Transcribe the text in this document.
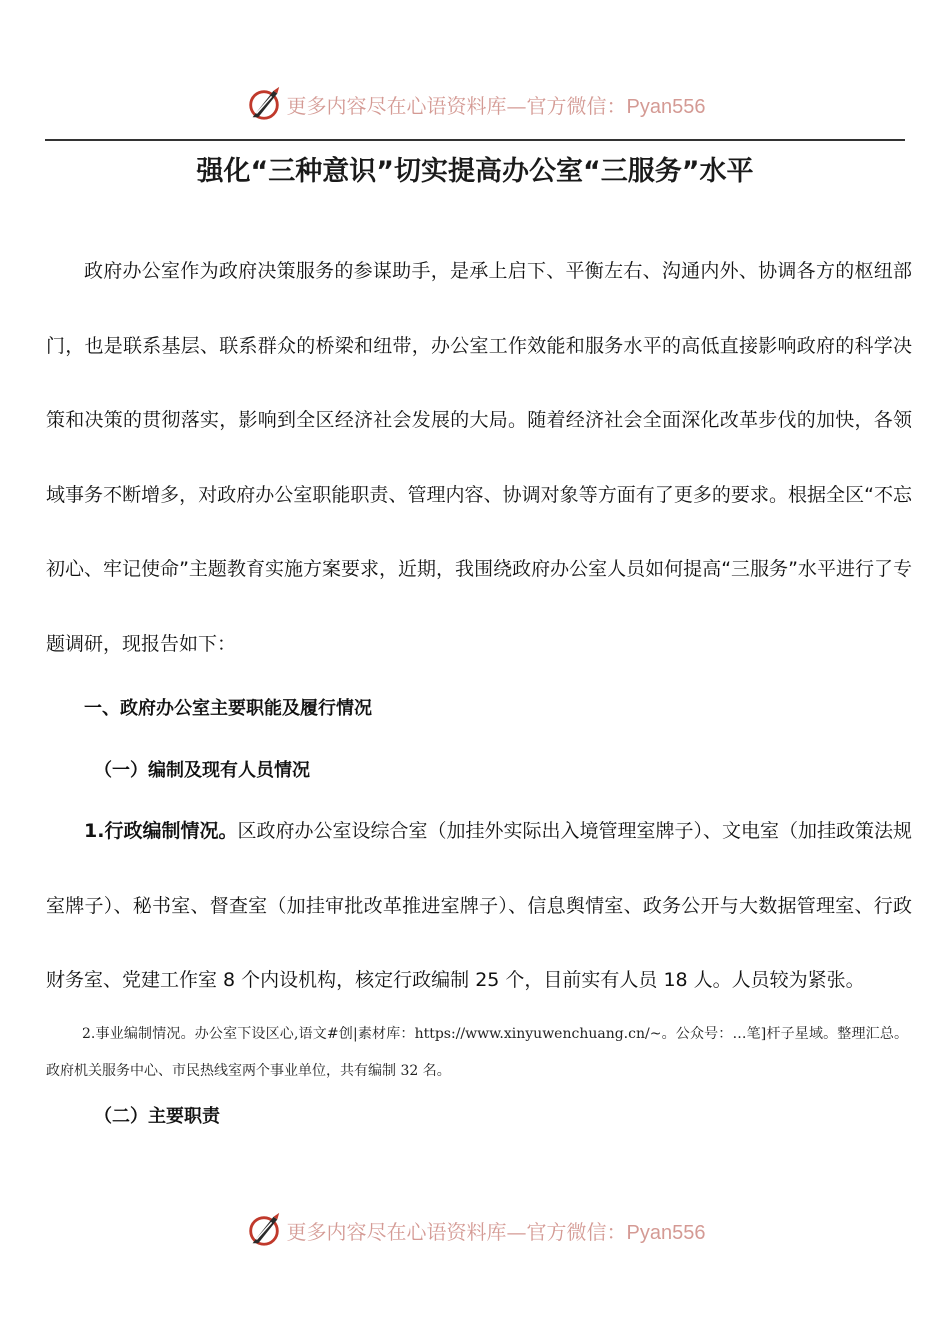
更多内容尽在心语资料库—官方微信：Pyan556
强化“三种意识”切实提高办公室“三服务”水平

政府办公室作为政府决策服务的参谋助手，是承上启下、平衡左右、沟通内外、协调各方的枢纽部门，也是联系基层、联系群众的桥梁和纽带，办公室工作效能和服务水平的高低直接影响政府的科学决策和决策的贯彻落实，影响到全区经济社会发展的大局。随着经济社会全面深化改革步伐的加快，各领域事务不断增多，对政府办公室职能职责、管理内容、协调对象等方面有了更多的要求。根据全区“不忘初心、牢记使命”主题教育实施方案要求，近期，我围绕政府办公室人员如何提高“三服务”水平进行了专题调研，现报告如下：

一、政府办公室主要职能及履行情况
（一）编制及现有人员情况

1.行政编制情况。区政府办公室设综合室（加挂外实际出入境管理室牌子）、文电室（加挂政策法规室牌子）、秘书室、督查室（加挂审批改革推进室牌子）、信息舆情室、政务公开与大数据管理室、行政财务室、党建工作室 8 个内设机构，核定行政编制 25 个，目前实有人员 18 人。人员较为紧张。

2.事业编制情况。办公室下设区心,语文#创|素材库：https://www.xinyuwenchuang.cn/~。公众号：…笔]杆子星域。整理汇总。政府机关服务中心、市民热线室两个事业单位，共有编制 32 名。

（二）主要职责
更多内容尽在心语资料库—官方微信：Pyan556
